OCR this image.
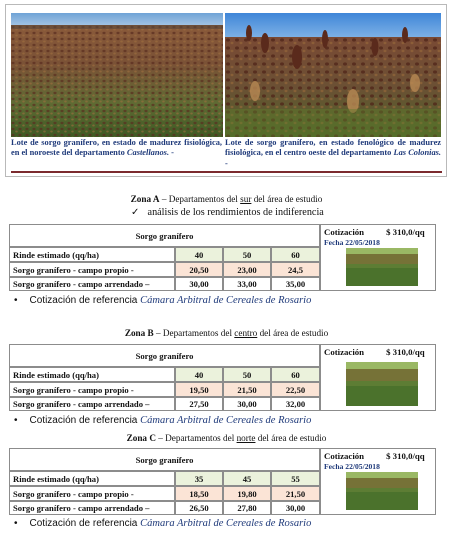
Lote de sorgo granífero, en estado de madurez fisiológica, en el noroeste del departamento Castellanos. -
Lote de sorgo granífero, en estado fenológico de madurez fisiológica, en el centro oeste del departamento Las Colonias. -
Zona A – Departamentos del sur del área de estudio
✓ análisis de los rendimientos de indiferencia
Sorgo granífero
Rinde estimado (qq/ha)	40	50	60
Sorgo granífero - campo propio -	20,50	23,00	24,5
Sorgo granífero - campo arrendado –	30,00	33,00	35,00
Cotización	$ 310,0/qq
Fecha 22/05/2018
• Cotización de referencia Cámara Arbitral de Cereales de Rosario
Zona B – Departamentos del centro del área de estudio
Sorgo granífero
Rinde estimado (qq/ha)	40	50	60
Sorgo granífero - campo propio -	19,50	21,50	22,50
Sorgo granífero - campo arrendado –	27,50	30,00	32,00
Cotización	$ 310,0/qq
• Cotización de referencia Cámara Arbitral de Cereales de Rosario
Zona C – Departamentos del norte del área de estudio
Sorgo granífero
Rinde estimado (qq/ha)	35	45	55
Sorgo granífero - campo propio -	18,50	19,80	21,50
Sorgo granífero - campo arrendado –	26,50	27,80	30,00
Cotización	$ 310,0/qq
Fecha 22/05/2018
• Cotización de referencia Cámara Arbitral de Cereales de Rosario
